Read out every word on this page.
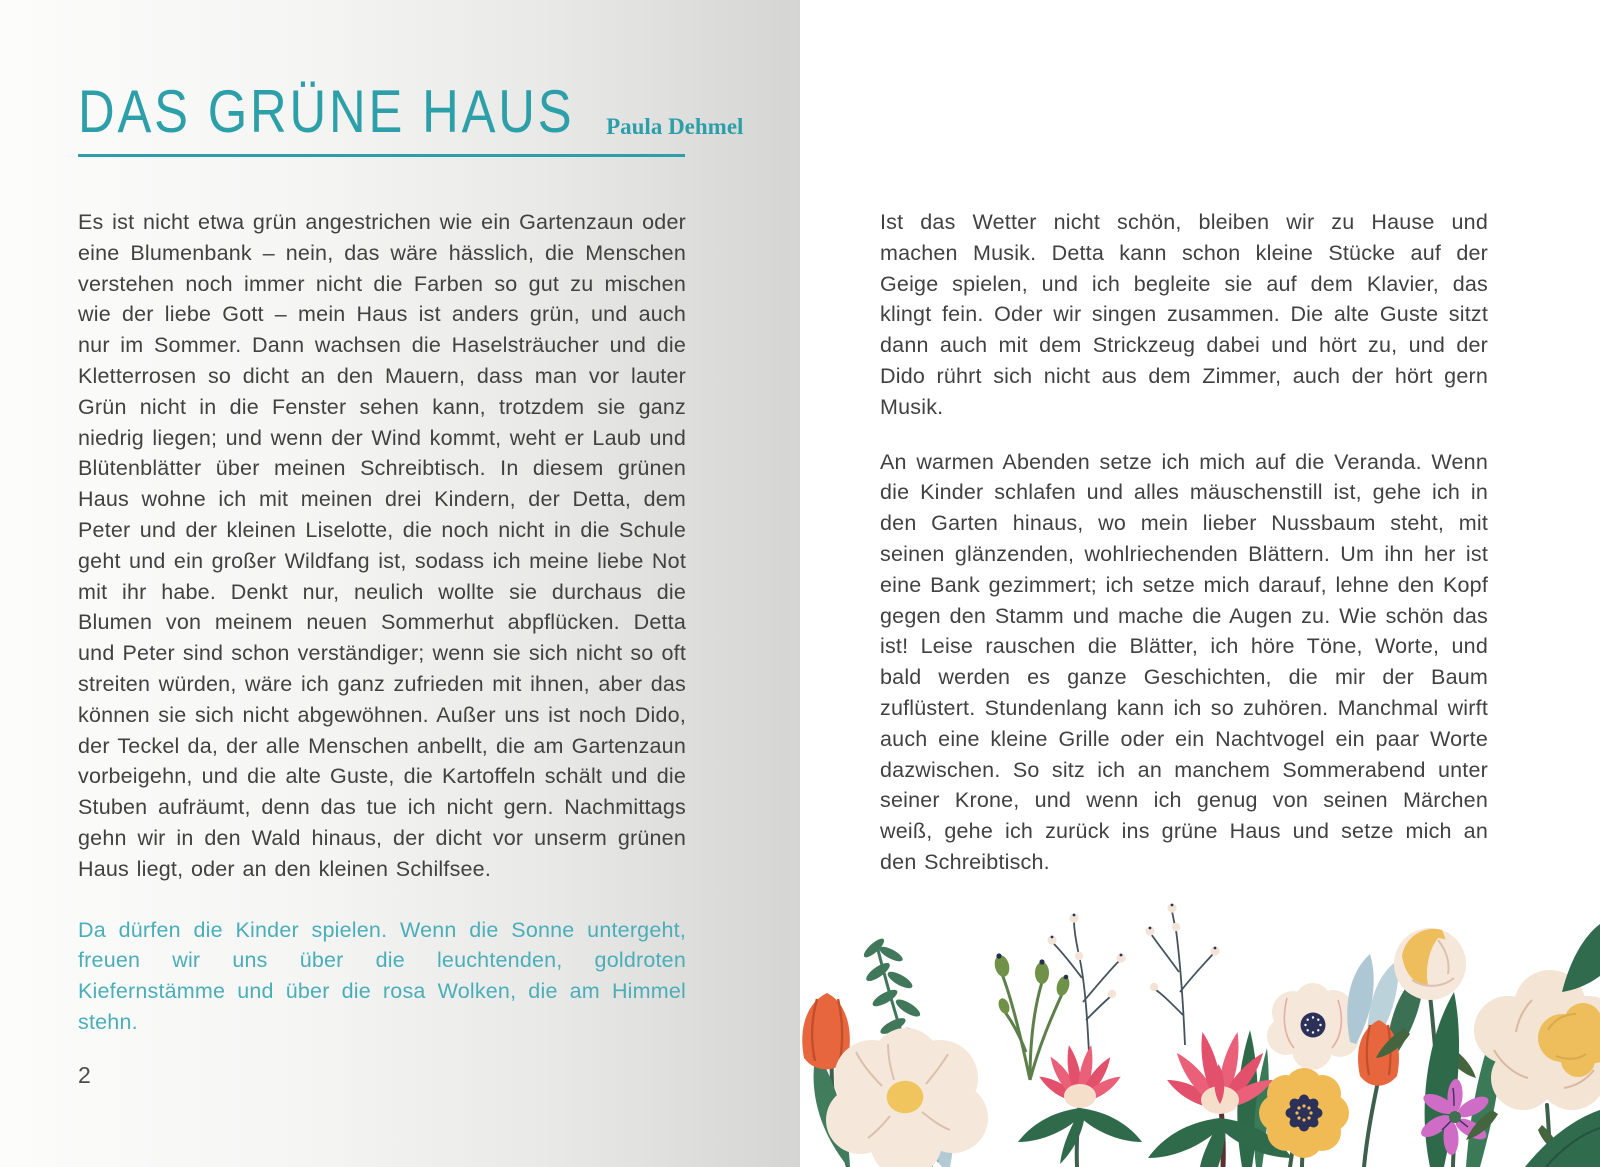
DAS GRÜNE HAUS Paula Dehmel

Es ist nicht etwa grün angestrichen wie ein Gartenzaun oder eine Blumenbank – nein, das wäre hässlich, die Menschen verstehen noch immer nicht die Farben so gut zu mischen wie der liebe Gott – mein Haus ist anders grün, und auch nur im Sommer. Dann wachsen die Haselsträucher und die Kletterrosen so dicht an den Mauern, dass man vor lauter Grün nicht in die Fenster sehen kann, trotzdem sie ganz niedrig liegen; und wenn der Wind kommt, weht er Laub und Blütenblätter über meinen Schreibtisch. In diesem grünen Haus wohne ich mit meinen drei Kindern, der Detta, dem Peter und der kleinen Liselotte, die noch nicht in die Schule geht und ein großer Wildfang ist, sodass ich meine liebe Not mit ihr habe. Denkt nur, neulich wollte sie durchaus die Blumen von meinem neuen Sommerhut abpflücken. Detta und Peter sind schon verständiger; wenn sie sich nicht so oft streiten würden, wäre ich ganz zufrieden mit ihnen, aber das können sie sich nicht abgewöhnen. Außer uns ist noch Dido, der Teckel da, der alle Menschen anbellt, die am Gartenzaun vorbeigehn, und die alte Guste, die Kartoffeln schält und die Stuben aufräumt, denn das tue ich nicht gern. Nachmittags gehn wir in den Wald hinaus, der dicht vor unserm grünen Haus liegt, oder an den kleinen Schilfsee.

Da dürfen die Kinder spielen. Wenn die Sonne untergeht, freuen wir uns über die leuchtenden, goldroten Kiefernstämme und über die rosa Wolken, die am Himmel stehn.

2

Ist das Wetter nicht schön, bleiben wir zu Hause und machen Musik. Detta kann schon kleine Stücke auf der Geige spielen, und ich begleite sie auf dem Klavier, das klingt fein. Oder wir singen zusammen. Die alte Guste sitzt dann auch mit dem Strickzeug dabei und hört zu, und der Dido rührt sich nicht aus dem Zimmer, auch der hört gern Musik.

An warmen Abenden setze ich mich auf die Veranda. Wenn die Kinder schlafen und alles mäuschenstill ist, gehe ich in den Garten hinaus, wo mein lieber Nussbaum steht, mit seinen glänzenden, wohlriechenden Blättern. Um ihn her ist eine Bank gezimmert; ich setze mich darauf, lehne den Kopf gegen den Stamm und mache die Augen zu. Wie schön das ist! Leise rauschen die Blätter, ich höre Töne, Worte, und bald werden es ganze Geschichten, die mir der Baum zuflüstert. Stundenlang kann ich so zuhören. Manchmal wirft auch eine kleine Grille oder ein Nachtvogel ein paar Worte dazwischen. So sitz ich an manchem Sommerabend unter seiner Krone, und wenn ich genug von seinen Märchen weiß, gehe ich zurück ins grüne Haus und setze mich an den Schreibtisch.
